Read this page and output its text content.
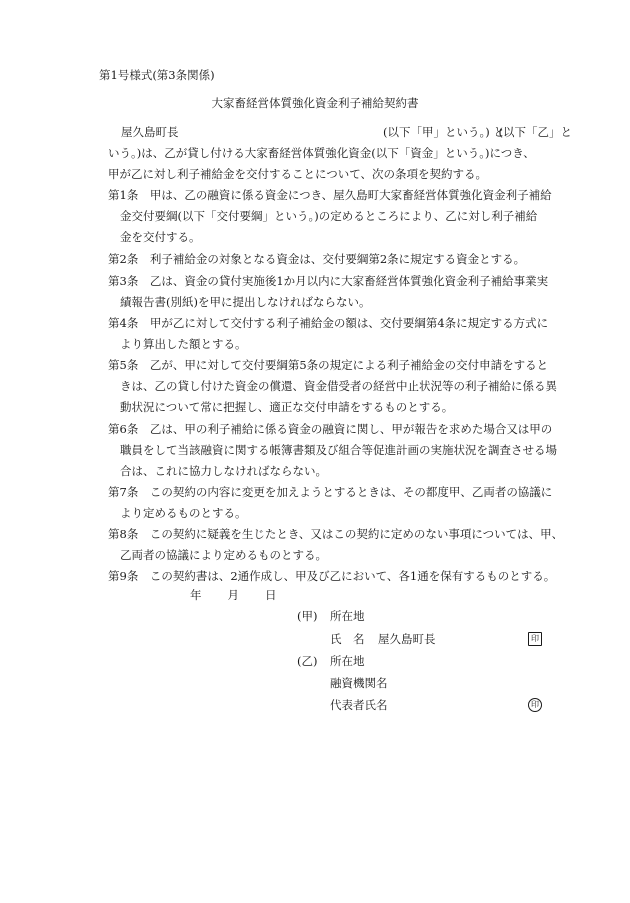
第1号様式(第3条関係)
大家畜経営体質強化資金利子補給契約書
屋久島町長	(以下「甲」という。) と
(以下「乙」と
いう。)は、乙が貸し付ける大家畜経営体質強化資金(以下「資金」という。)につき、
甲が乙に対し利子補給金を交付することについて、次の条項を契約する。
第1条　甲は、乙の融資に係る資金につき、屋久島町大家畜経営体質強化資金利子補給
金交付要綱(以下「交付要綱」という。)の定めるところにより、乙に対し利子補給
金を交付する。
第2条　利子補給金の対象となる資金は、交付要綱第2条に規定する資金とする。
第3条　乙は、資金の貸付実施後1か月以内に大家畜経営体質強化資金利子補給事業実
績報告書(別紙)を甲に提出しなければならない。
第4条　甲が乙に対して交付する利子補給金の額は、交付要綱第4条に規定する方式に
より算出した額とする。
第5条　乙が、甲に対して交付要綱第5条の規定による利子補給金の交付申請をすると
きは、乙の貸し付けた資金の償還、資金借受者の経営中止状況等の利子補給に係る異
動状況について常に把握し、適正な交付申請をするものとする。
第6条　乙は、甲の利子補給に係る資金の融資に関し、甲が報告を求めた場合又は甲の
職員をして当該融資に関する帳簿書類及び組合等促進計画の実施状況を調査させる場
合は、これに協力しなければならない。
第7条　この契約の内容に変更を加えようとするときは、その都度甲、乙両者の協議に
より定めるものとする。
第8条　この契約に疑義を生じたとき、又はこの契約に定めのない事項については、甲、
乙両者の協議により定めるものとする。
第9条　この契約書は、2通作成し、甲及び乙において、各1通を保有するものとする。
年 月 日
(甲) 所在地
氏　名 屋久島町長	印
(乙) 所在地
融資機関名
代表者氏名	印
